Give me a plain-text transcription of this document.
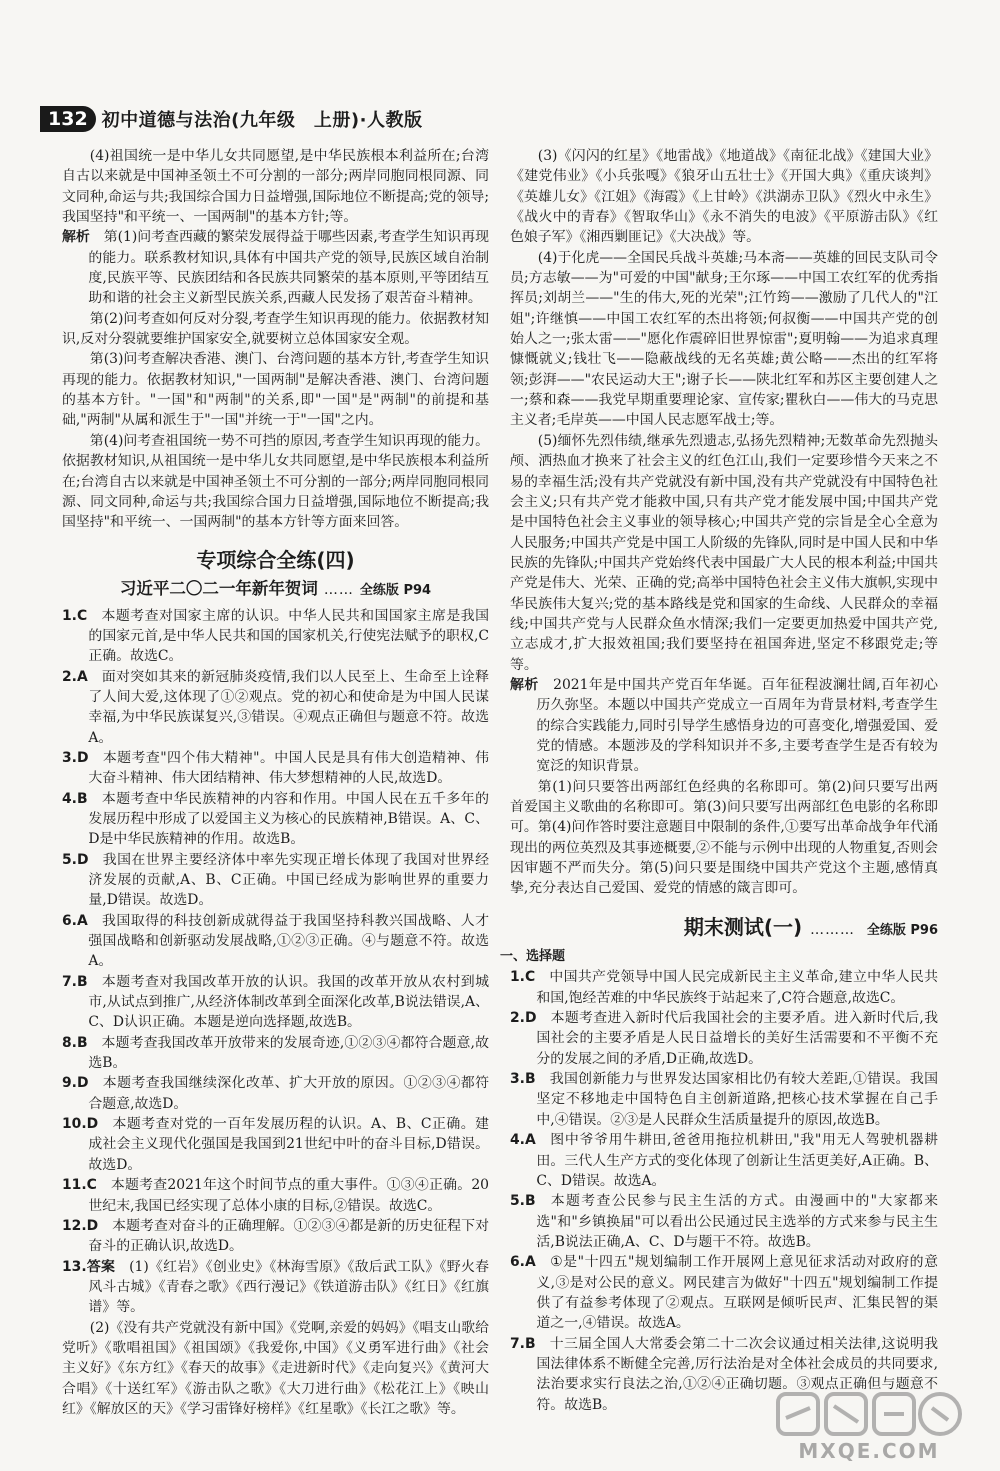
132 初中道德与法治(九年级　上册)·人教版

(4)祖国统一是中华儿女共同愿望,是中华民族根本利益所在;台湾自古以来就是中国神圣领土不可分割的一部分;两岸同胞同根同源、同文同种,命运与共;我国综合国力日益增强,国际地位不断提高;党的领导;我国坚持"和平统一、一国两制"的基本方针;等。

解析　 第(1)问考查西藏的繁荣发展得益于哪些因素,考查学生知识再现的能力。联系教材知识,具体有中国共产党的领导,民族区域自治制度,民族平等、民族团结和各民族共同繁荣的基本原则,平等团结互助和谐的社会主义新型民族关系,西藏人民发扬了艰苦奋斗精神。

第(2)问考查如何反对分裂,考查学生知识再现的能力。依据教材知识,反对分裂就要维护国家安全,就要树立总体国家安全观。

第(3)问考查解决香港、澳门、台湾问题的基本方针,考查学生知识再现的能力。依据教材知识,"一国两制"是解决香港、澳门、台湾问题的基本方针。"一国"和"两制"的关系,即"一国"是"两制"的前提和基础,"两制"从属和派生于"一国"并统一于"一国"之内。

第(4)问考查祖国统一势不可挡的原因,考查学生知识再现的能力。依据教材知识,从祖国统一是中华儿女共同愿望,是中华民族根本利益所在;台湾自古以来就是中国神圣领土不可分割的一部分;两岸同胞同根同源、同文同种,命运与共;我国综合国力日益增强,国际地位不断提高;我国坚持"和平统一、一国两制"的基本方针等方面来回答。

专项综合全练(四)
习近平二〇二一年新年贺词 …… 全练版 P94

1.C  本题考查对国家主席的认识。中华人民共和国国家主席是我国的国家元首,是中华人民共和国的国家机关,行使宪法赋予的职权,C正确。故选C。

2.A  面对突如其来的新冠肺炎疫情,我们以人民至上、生命至上诠释了人间大爱,这体现了①②观点。党的初心和使命是为中国人民谋幸福,为中华民族谋复兴,③错误。④观点正确但与题意不符。故选A。

3.D  本题考查"四个伟大精神"。中国人民是具有伟大创造精神、伟大奋斗精神、伟大团结精神、伟大梦想精神的人民,故选D。

4.B  本题考查中华民族精神的内容和作用。中国人民在五千多年的发展历程中形成了以爱国主义为核心的民族精神,B错误。A、C、D是中华民族精神的作用。故选B。

5.D  我国在世界主要经济体中率先实现正增长体现了我国对世界经济发展的贡献,A、B、C正确。中国已经成为影响世界的重要力量,D错误。故选D。

6.A  我国取得的科技创新成就得益于我国坚持科教兴国战略、人才强国战略和创新驱动发展战略,①②③正确。④与题意不符。故选A。

7.B  本题考查对我国改革开放的认识。我国的改革开放从农村到城市,从试点到推广,从经济体制改革到全面深化改革,B说法错误,A、C、D认识正确。本题是逆向选择题,故选B。

8.B  本题考查我国改革开放带来的发展奇迹,①②③④都符合题意,故选B。

9.D  本题考查我国继续深化改革、扩大开放的原因。①②③④都符合题意,故选D。

10.D  本题考查对党的一百年发展历程的认识。A、B、C正确。建成社会主义现代化强国是我国到21世纪中叶的奋斗目标,D错误。故选D。

11.C  本题考查2021年这个时间节点的重大事件。①③④正确。20世纪末,我国已经实现了总体小康的目标,②错误。故选C。

12.D  本题考查对奋斗的正确理解。①②③④都是新的历史征程下对奋斗的正确认识,故选D。

13.答案  (1)《红岩》《创业史》《林海雪原》《敌后武工队》《野火春风斗古城》《青春之歌》《西行漫记》《铁道游击队》《红日》《红旗谱》等。

(2)《没有共产党就没有新中国》《党啊,亲爱的妈妈》《唱支山歌给党听》《歌唱祖国》《祖国颂》《我爱你,中国》《义勇军进行曲》《社会主义好》《东方红》《春天的故事》《走进新时代》《走向复兴》《黄河大合唱》《十送红军》《游击队之歌》《大刀进行曲》《松花江上》《映山红》《解放区的天》《学习雷锋好榜样》《红星歌》《长江之歌》等。

(3)《闪闪的红星》《地雷战》《地道战》《南征北战》《建国大业》《建党伟业》《小兵张嘎》《狼牙山五壮士》《开国大典》《重庆谈判》《英雄儿女》《江姐》《海霞》《上甘岭》《洪湖赤卫队》《烈火中永生》《战火中的青春》《智取华山》《永不消失的电波》《平原游击队》《红色娘子军》《湘西剿匪记》《大决战》等。

(4)于化虎——全国民兵战斗英雄;马本斋——英雄的回民支队司令员;方志敏——为"可爱的中国"献身;王尔琢——中国工农红军的优秀指挥员;刘胡兰——"生的伟大,死的光荣";江竹筠——激励了几代人的"江姐";许继慎——中国工农红军的杰出将领;何叔衡——中国共产党的创始人之一;张太雷——"愿化作震碎旧世界惊雷";夏明翰——为追求真理慷慨就义;钱壮飞——隐蔽战线的无名英雄;黄公略——杰出的红军将领;彭湃——"农民运动大王";谢子长——陕北红军和苏区主要创建人之一;蔡和森——我党早期重要理论家、宣传家;瞿秋白——伟大的马克思主义者;毛岸英——中国人民志愿军战士;等。

(5)缅怀先烈伟绩,继承先烈遗志,弘扬先烈精神;无数革命先烈抛头颅、洒热血才换来了社会主义的红色江山,我们一定要珍惜今天来之不易的幸福生活;没有共产党就没有新中国,没有共产党就没有中国特色社会主义;只有共产党才能救中国,只有共产党才能发展中国;中国共产党是中国特色社会主义事业的领导核心;中国共产党的宗旨是全心全意为人民服务;中国共产党是中国工人阶级的先锋队,同时是中国人民和中华民族的先锋队;中国共产党始终代表中国最广大人民的根本利益;中国共产党是伟大、光荣、正确的党;高举中国特色社会主义伟大旗帜,实现中华民族伟大复兴;党的基本路线是党和国家的生命线、人民群众的幸福线;中国共产党与人民群众鱼水情深;我们一定要更加热爱中国共产党,立志成才,扩大报效祖国;我们要坚持在祖国奔进,坚定不移跟党走;等等。

解析　 2021年是中国共产党百年华诞。百年征程波澜壮阔,百年初心历久弥坚。本题以中国共产党成立一百周年为背景材料,考查学生的综合实践能力,同时引导学生感悟身边的可喜变化,增强爱国、爱党的情感。本题涉及的学科知识并不多,主要考查学生是否有较为宽泛的知识背景。

第(1)问只要答出两部红色经典的名称即可。第(2)问只要写出两首爱国主义歌曲的名称即可。第(3)问只要写出两部红色电影的名称即可。第(4)问作答时要注意题目中限制的条件,①要写出革命战争年代涌现出的两位英烈及其事迹概要,②不能与示例中出现的人物重复,否则会因审题不严而失分。第(5)问只要是围绕中国共产党这个主题,感情真挚,充分表达自己爱国、爱党的情感的箴言即可。

期末测试(一) ……… 全练版 P96
一、选择题

1.C  中国共产党领导中国人民完成新民主主义革命,建立中华人民共和国,饱经苦难的中华民族终于站起来了,C符合题意,故选C。

2.D  本题考查进入新时代后我国社会的主要矛盾。进入新时代后,我国社会的主要矛盾是人民日益增长的美好生活需要和不平衡不充分的发展之间的矛盾,D正确,故选D。

3.B  我国创新能力与世界发达国家相比仍有较大差距,①错误。我国坚定不移地走中国特色自主创新道路,把核心技术掌握在自己手中,④错误。②③是人民群众生活质量提升的原因,故选B。

4.A  图中爷爷用牛耕田,爸爸用拖拉机耕田,"我"用无人驾驶机器耕田。三代人生产方式的变化体现了创新让生活更美好,A正确。B、C、D错误。故选A。

5.B  本题考查公民参与民主生活的方式。由漫画中的"大家都来选"和"乡镇换届"可以看出公民通过民主选举的方式来参与民主生活,B说法正确,A、C、D与题干不符。故选B。

6.A  ①是"十四五"规划编制工作开展网上意见征求活动对政府的意义,③是对公民的意义。网民建言为做好"十四五"规划编制工作提供了有益参考体现了②观点。互联网是倾听民声、汇集民智的渠道之一,④错误。故选A。

7.B  十三届全国人大常委会第二十二次会议通过相关法律,这说明我国法律体系不断健全完善,厉行法治是对全体社会成员的共同要求,法治要求实行良法之治,①②④正确切题。③观点正确但与题意不符。故选B。

MXQE.COM
